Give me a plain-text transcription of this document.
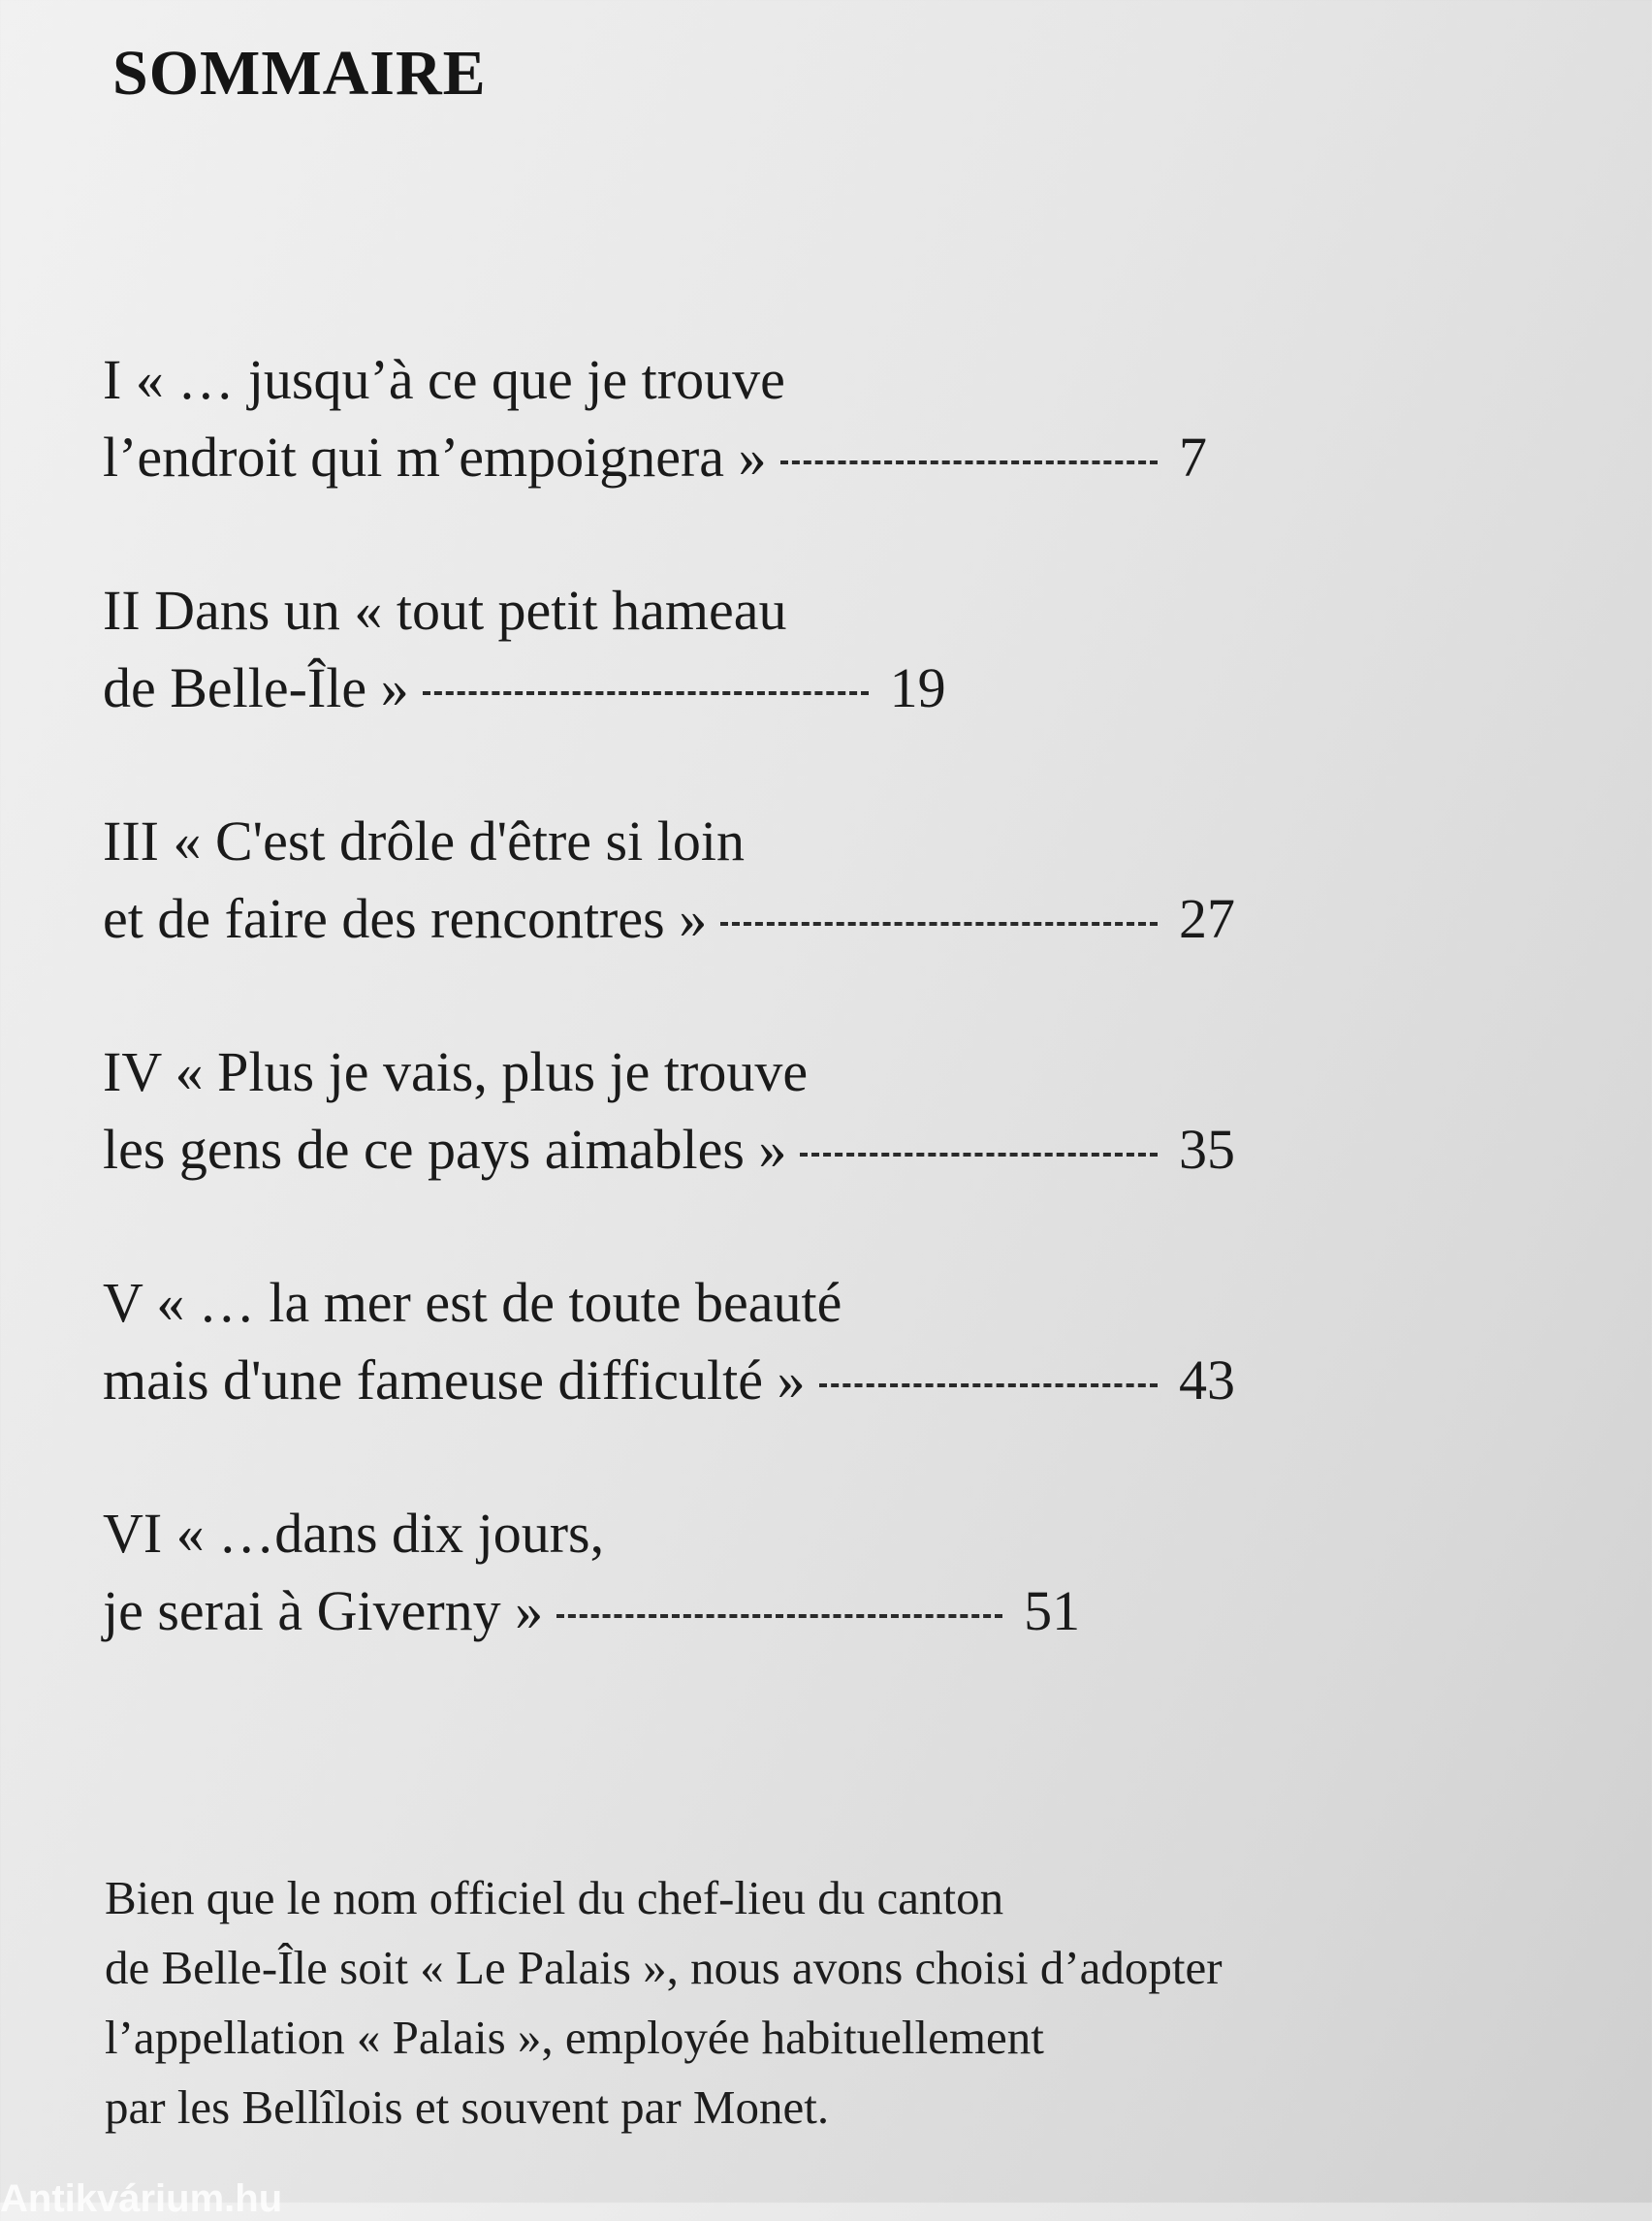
SOMMAIRE
I « … jusqu’à ce que je trouve
l’endroit qui m’empoignera »	7
II Dans un « tout petit hameau
de Belle-Île »	19
III « C'est drôle d'être si loin
et de faire des rencontres »	27
IV « Plus je vais, plus je trouve
les gens de ce pays aimables »	35
V « … la mer est de toute beauté
mais d'une fameuse difficulté »	43
VI « …dans dix jours,
je serai à Giverny »	51

Bien que le nom officiel du chef-lieu du canton

de Belle-Île soit « Le Palais », nous avons choisi d’adopter

l’appellation « Palais », employée habituellement

par les Bellîlois et souvent par Monet.

Antikvárium.hu
